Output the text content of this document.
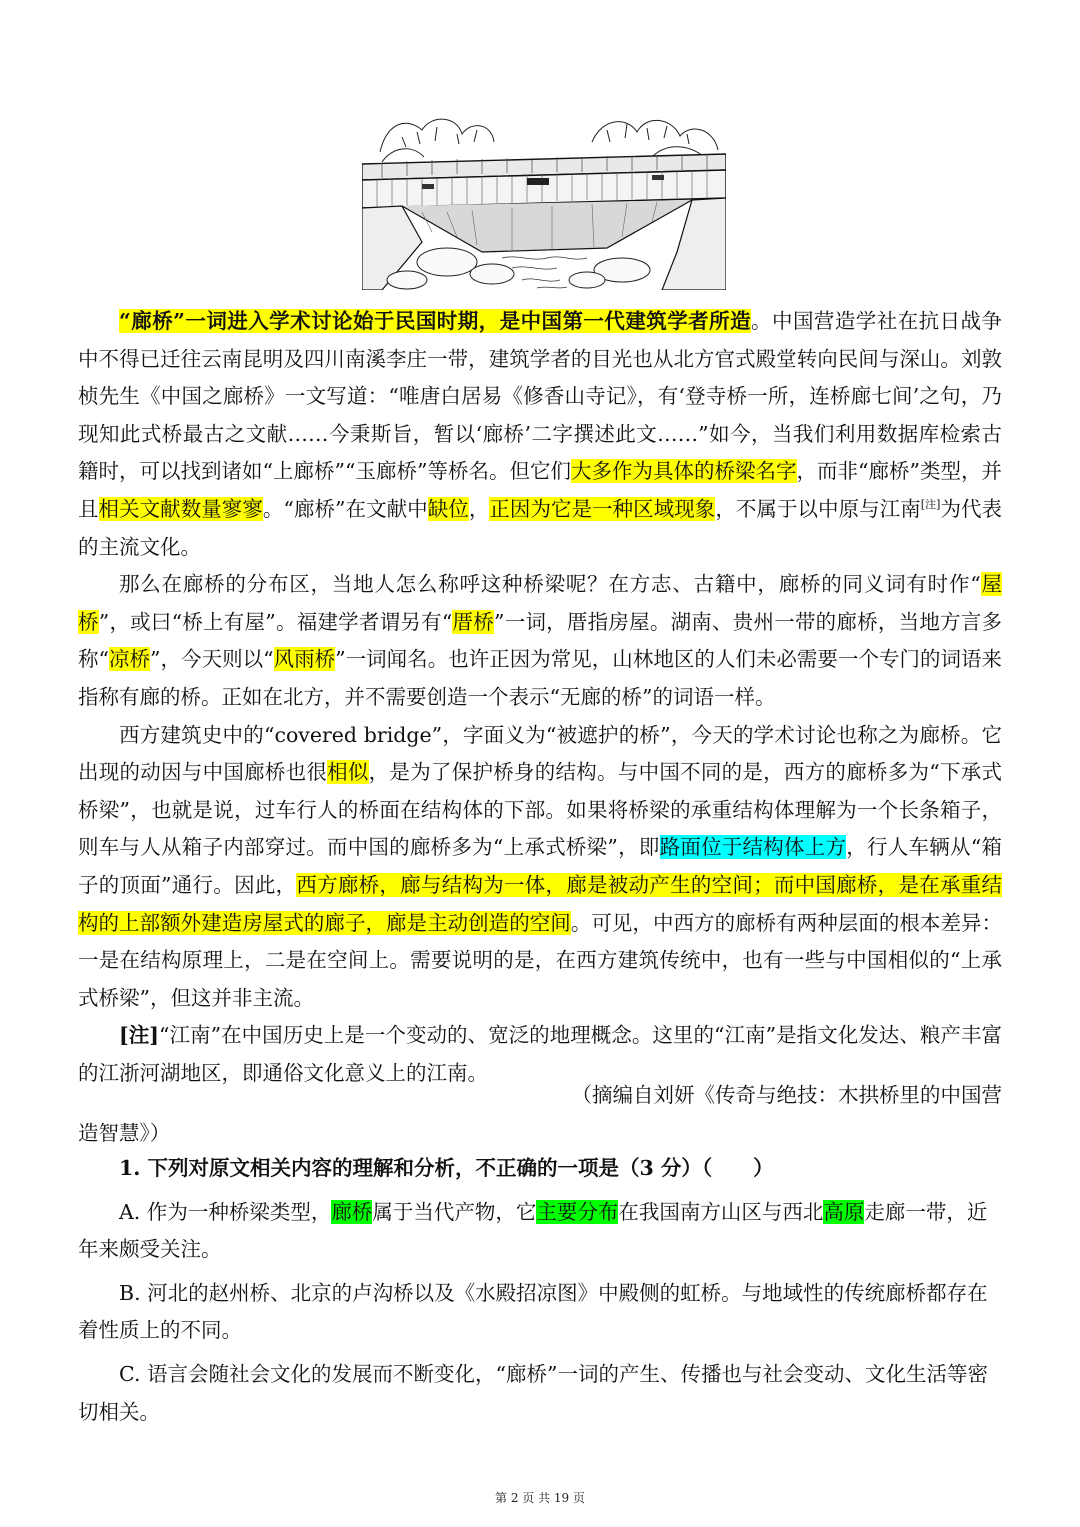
“廊桥”一词进入学术讨论始于民国时期，是中国第一代建筑学者所造。中国营造学社在抗日战争中不得已迁往云南昆明及四川南溪李庄一带，建筑学者的目光也从北方官式殿堂转向民间与深山。刘敦桢先生《中国之廊桥》一文写道：“唯唐白居易《修香山寺记》，有‘登寺桥一所，连桥廊七间’之句，乃现知此式桥最古之文献……今秉斯旨，暂以‘廊桥’二字撰述此文……”如今，当我们利用数据库检索古籍时，可以找到诸如“上廊桥”“玉廊桥”等桥名。但它们大多作为具体的桥梁名字，而非“廊桥”类型，并且相关文献数量寥寥。“廊桥”在文献中缺位，正因为它是一种区域现象，不属于以中原与江南[注]为代表的主流文化。

那么在廊桥的分布区，当地人怎么称呼这种桥梁呢？在方志、古籍中，廊桥的同义词有时作“屋桥”，或曰“桥上有屋”。福建学者谓另有“厝桥”一词，厝指房屋。湖南、贵州一带的廊桥，当地方言多称“凉桥”，今天则以“风雨桥”一词闻名。也许正因为常见，山林地区的人们未必需要一个专门的词语来指称有廊的桥。正如在北方，并不需要创造一个表示“无廊的桥”的词语一样。

西方建筑史中的“covered bridge”，字面义为“被遮护的桥”，今天的学术讨论也称之为廊桥。它出现的动因与中国廊桥也很相似，是为了保护桥身的结构。与中国不同的是，西方的廊桥多为“下承式桥梁”，也就是说，过车行人的桥面在结构体的下部。如果将桥梁的承重结构体理解为一个长条箱子，则车与人从箱子内部穿过。而中国的廊桥多为“上承式桥梁”，即路面位于结构体上方，行人车辆从“箱子的顶面”通行。因此，西方廊桥，廊与结构为一体，廊是被动产生的空间；而中国廊桥，是在承重结构的上部额外建造房屋式的廊子，廊是主动创造的空间。可见，中西方的廊桥有两种层面的根本差异：一是在结构原理上，二是在空间上。需要说明的是，在西方建筑传统中，也有一些与中国相似的“上承式桥梁”，但这并非主流。

[注]“江南”在中国历史上是一个变动的、宽泛的地理概念。这里的“江南”是指文化发达、粮产丰富的江浙河湖地区，即通俗文化意义上的江南。

（摘编自刘妍《传奇与绝技：木拱桥里的中国营
造智慧》）

1. 下列对原文相关内容的理解和分析，不正确的一项是（3 分）（　　）

A. 作为一种桥梁类型，廊桥属于当代产物，它主要分布在我国南方山区与西北高原走廊一带，近年来颇受关注。

B. 河北的赵州桥、北京的卢沟桥以及《水殿招凉图》中殿侧的虹桥。与地域性的传统廊桥都存在着性质上的不同。

C. 语言会随社会文化的发展而不断变化，“廊桥”一词的产生、传播也与社会变动、文化生活等密切相关。

第 2 页 共 19 页
